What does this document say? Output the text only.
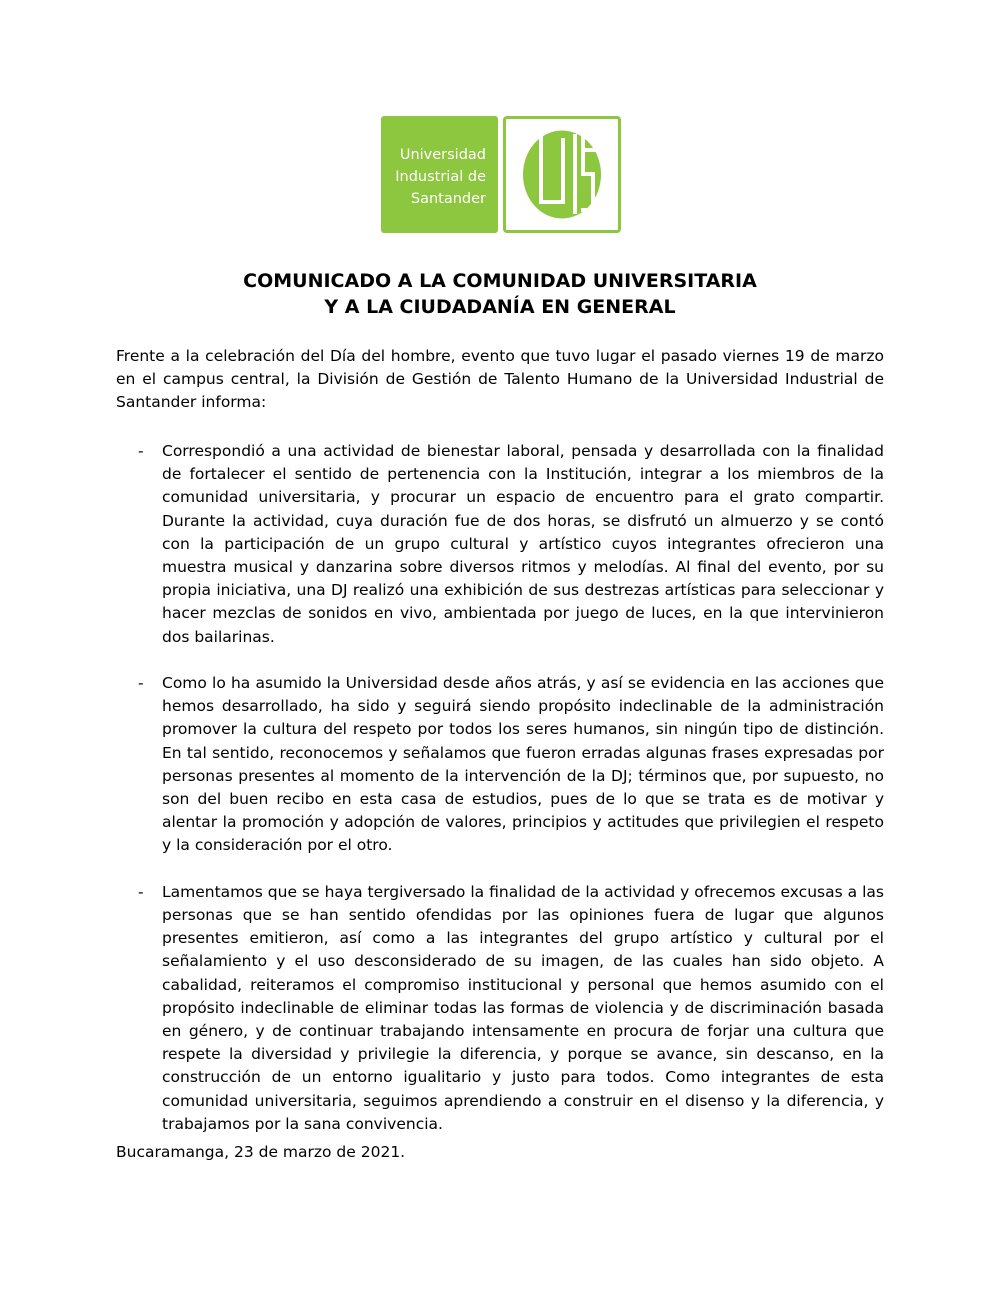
Universidad
Industrial de
Santander
COMUNICADO A LA COMUNIDAD UNIVERSITARIA
Y A LA CIUDADANÍA EN GENERAL

Frente a la celebración del Día del hombre, evento que tuvo lugar el pasado viernes 19 de marzo en el campus central, la División de Gestión de Talento Humano de la Universidad Industrial de Santander informa:

- Correspondió a una actividad de bienestar laboral, pensada y desarrollada con la finalidad de fortalecer el sentido de pertenencia con la Institución, integrar a los miembros de la comunidad universitaria, y procurar un espacio de encuentro para el grato compartir. Durante la actividad, cuya duración fue de dos horas, se disfrutó un almuerzo y se contó con la participación de un grupo cultural y artístico cuyos integrantes ofrecieron una muestra musical y danzarina sobre diversos ritmos y melodías. Al final del evento, por su propia iniciativa, una DJ realizó una exhibición de sus destrezas artísticas para seleccionar y hacer mezclas de sonidos en vivo, ambientada por juego de luces, en la que intervinieron dos bailarinas.
- Como lo ha asumido la Universidad desde años atrás, y así se evidencia en las acciones que hemos desarrollado, ha sido y seguirá siendo propósito indeclinable de la administración promover la cultura del respeto por todos los seres humanos, sin ningún tipo de distinción. En tal sentido, reconocemos y señalamos que fueron erradas algunas frases expresadas por personas presentes al momento de la intervención de la DJ; términos que, por supuesto, no son del buen recibo en esta casa de estudios, pues de lo que se trata es de motivar y alentar la promoción y adopción de valores, principios y actitudes que privilegien el respeto y la consideración por el otro.
- Lamentamos que se haya tergiversado la finalidad de la actividad y ofrecemos excusas a las personas que se han sentido ofendidas por las opiniones fuera de lugar que algunos presentes emitieron, así como a las integrantes del grupo artístico y cultural por el señalamiento y el uso desconsiderado de su imagen, de las cuales han sido objeto. A cabalidad, reiteramos el compromiso institucional y personal que hemos asumido con el propósito indeclinable de eliminar todas las formas de violencia y de discriminación basada en género, y de continuar trabajando intensamente en procura de forjar una cultura que respete la diversidad y privilegie la diferencia, y porque se avance, sin descanso, en la construcción de un entorno igualitario y justo para todos. Como integrantes de esta comunidad universitaria, seguimos aprendiendo a construir en el disenso y la diferencia, y trabajamos por la sana convivencia.

Bucaramanga, 23 de marzo de 2021.
